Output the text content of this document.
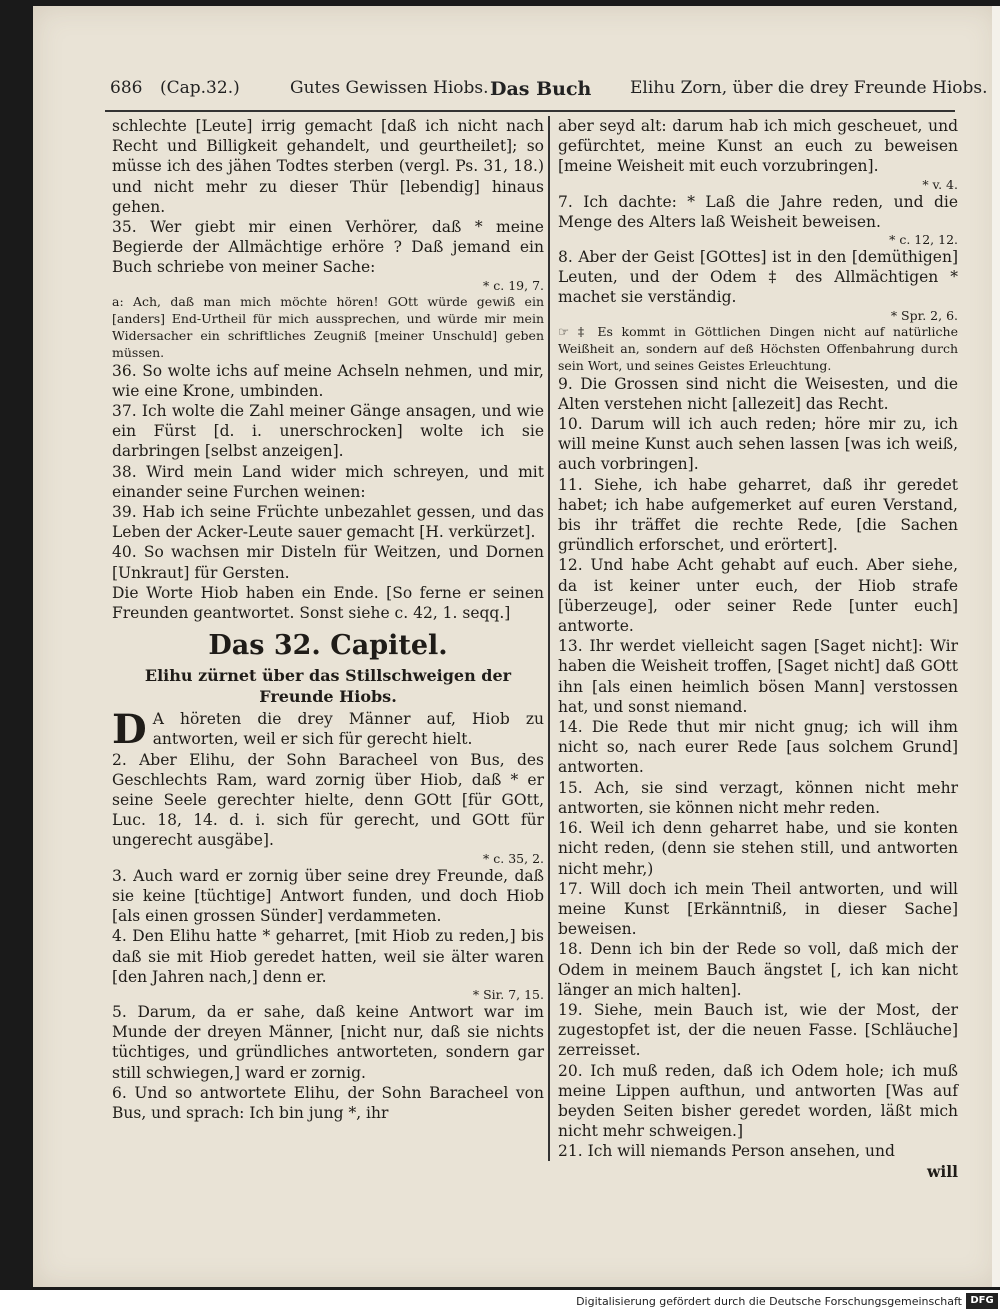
686 (Cap.32.)	Gutes Gewissen Hiobs. Das Buch Elihu Zorn, über die drey Freunde Hiobs.

schlechte [Leute] irrig gemacht [daß ich nicht nach Recht und Billigkeit gehandelt, und geurtheilet]; so müsse ich des jähen Todtes sterben (vergl. Ps. 31, 18.) und nicht mehr zu dieser Thür [lebendig] hinaus gehen.

35. Wer giebt mir einen Verhörer, daß * meine Begierde der Allmächtige erhöre ? Daß jemand ein Buch schriebe von meiner Sache:

* c. 19, 7.

a: Ach, daß man mich möchte hören! GOtt würde gewiß ein [anders] End-Urtheil für mich aussprechen, und würde mir mein Widersacher ein schriftliches Zeugniß [meiner Unschuld] geben müssen.

36. So wolte ichs auf meine Achseln nehmen, und mir, wie eine Krone, umbinden.

37. Ich wolte die Zahl meiner Gänge ansagen, und wie ein Fürst [d. i. unerschrocken] wolte ich sie darbringen [selbst anzeigen].

38. Wird mein Land wider mich schreyen, und mit einander seine Furchen weinen:

39. Hab ich seine Früchte unbezahlet gessen, und das Leben der Acker-Leute sauer gemacht [H. verkürzet].

40. So wachsen mir Disteln für Weitzen, und Dornen [Unkraut] für Gersten.

Die Worte Hiob haben ein Ende. [So ferne er seinen Freunden geantwortet. Sonst siehe c. 42, 1. seqq.]

Das 32. Capitel.
Elihu zürnet über das Stillschweigen der Freunde Hiobs.

D A höreten die drey Männer auf, Hiob zu antworten, weil er sich für gerecht hielt.

2. Aber Elihu, der Sohn Baracheel von Bus, des Geschlechts Ram, ward zornig über Hiob, daß * er seine Seele gerechter hielte, denn GOtt [für GOtt, Luc. 18, 14. d. i. sich für gerecht, und GOtt für ungerecht ausgäbe].

* c. 35, 2.

3. Auch ward er zornig über seine drey Freunde, daß sie keine [tüchtige] Antwort funden, und doch Hiob [als einen grossen Sünder] verdammeten.

4. Den Elihu hatte * geharret, [mit Hiob zu reden,] bis daß sie mit Hiob geredet hatten, weil sie älter waren [den Jahren nach,] denn er.

* Sir. 7, 15.

5. Darum, da er sahe, daß keine Antwort war im Munde der dreyen Männer, [nicht nur, daß sie nichts tüchtiges, und gründliches antworteten, sondern gar still schwiegen,] ward er zornig.

6. Und so antwortete Elihu, der Sohn Baracheel von Bus, und sprach: Ich bin jung *, ihr

aber seyd alt: darum hab ich mich gescheuet, und gefürchtet, meine Kunst an euch zu beweisen [meine Weisheit mit euch vorzubringen].

* v. 4.

7. Ich dachte: * Laß die Jahre reden, und die Menge des Alters laß Weisheit beweisen.

* c. 12, 12.

8. Aber der Geist [GOttes] ist in den [demüthigen] Leuten, und der Odem ‡ des Allmächtigen * machet sie verständig.

* Spr. 2, 6.

☞ ‡ Es kommt in Göttlichen Dingen nicht auf natürliche Weißheit an, sondern auf deß Höchsten Offenbahrung durch sein Wort, und seines Geistes Erleuchtung.

9. Die Grossen sind nicht die Weisesten, und die Alten verstehen nicht [allezeit] das Recht.

10. Darum will ich auch reden; höre mir zu, ich will meine Kunst auch sehen lassen [was ich weiß, auch vorbringen].

11. Siehe, ich habe geharret, daß ihr geredet habet; ich habe aufgemerket auf euren Verstand, bis ihr träffet die rechte Rede, [die Sachen gründlich erforschet, und erörtert].

12. Und habe Acht gehabt auf euch. Aber siehe, da ist keiner unter euch, der Hiob strafe [überzeuge], oder seiner Rede [unter euch] antworte.

13. Ihr werdet vielleicht sagen [Saget nicht]: Wir haben die Weisheit troffen, [Saget nicht] daß GOtt ihn [als einen heimlich bösen Mann] verstossen hat, und sonst niemand.

14. Die Rede thut mir nicht gnug; ich will ihm nicht so, nach eurer Rede [aus solchem Grund] antworten.

15. Ach, sie sind verzagt, können nicht mehr antworten, sie können nicht mehr reden.

16. Weil ich denn geharret habe, und sie konten nicht reden, (denn sie stehen still, und antworten nicht mehr,)

17. Will doch ich mein Theil antworten, und will meine Kunst [Erkänntniß, in dieser Sache] beweisen.

18. Denn ich bin der Rede so voll, daß mich der Odem in meinem Bauch ängstet [, ich kan nicht länger an mich halten].

19. Siehe, mein Bauch ist, wie der Most, der zugestopfet ist, der die neuen Fasse. [Schläuche] zerreisset.

20. Ich muß reden, daß ich Odem hole; ich muß meine Lippen aufthun, und antworten [Was auf beyden Seiten bisher geredet worden, läßt mich nicht mehr schweigen.]

21. Ich will niemands Person ansehen, und

will
Digitalisierung gefördert durch die Deutsche Forschungsgemeinschaft DFG
